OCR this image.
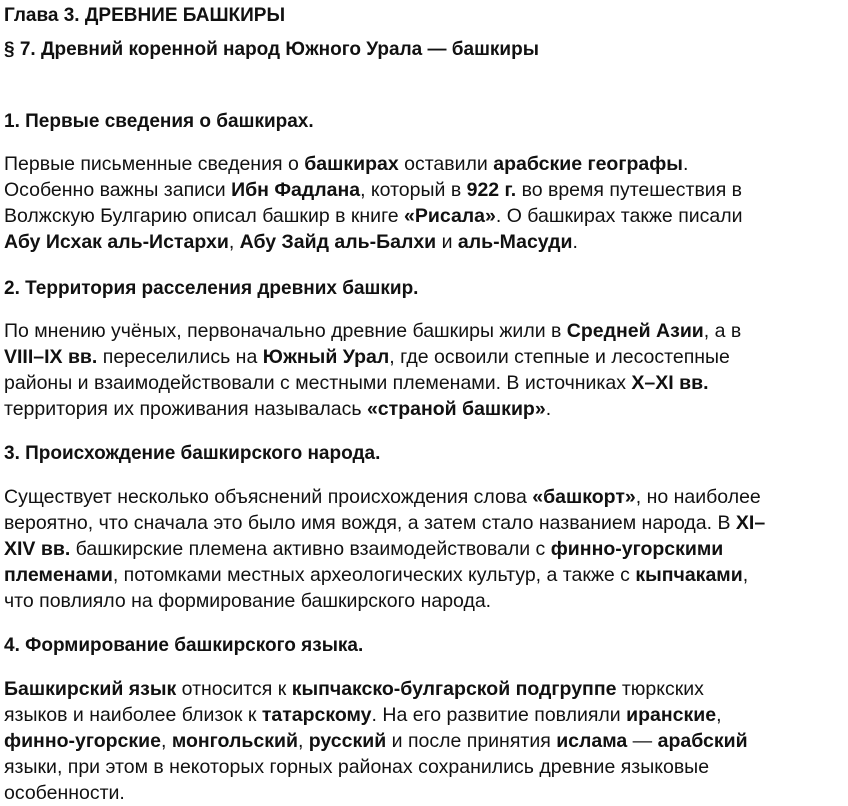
Глава 3. ДРЕВНИЕ БАШКИРЫ
§ 7. Древний коренной народ Южного Урала — башкиры
1. Первые сведения о башкирах.
Первые письменные сведения о башкирах оставили арабские географы.
Особенно важны записи Ибн Фадлана, который в 922 г. во время путешествия в
Волжскую Булгарию описал башкир в книге «Рисала». О башкирах также писали
Абу Исхак аль-Истархи, Абу Зайд аль-Балхи и аль-Масуди.
2. Территория расселения древних башкир.
По мнению учёных, первоначально древние башкиры жили в Средней Азии, а в
VIII–IX вв. переселились на Южный Урал, где освоили степные и лесостепные
районы и взаимодействовали с местными племенами. В источниках X–XI вв.
территория их проживания называлась «страной башкир».
3. Происхождение башкирского народа.
Существует несколько объяснений происхождения слова «башкорт», но наиболее
вероятно, что сначала это было имя вождя, а затем стало названием народа. В XI–
XIV вв. башкирские племена активно взаимодействовали с финно-угорскими
племенами, потомками местных археологических культур, а также с кыпчаками,
что повлияло на формирование башкирского народа.
4. Формирование башкирского языка.
Башкирский язык относится к кыпчакско-булгарской подгруппе тюркских
языков и наиболее близок к татарскому. На его развитие повлияли иранские,
финно-угорские, монгольский, русский и после принятия ислама — арабский
языки, при этом в некоторых горных районах сохранились древние языковые
особенности.
